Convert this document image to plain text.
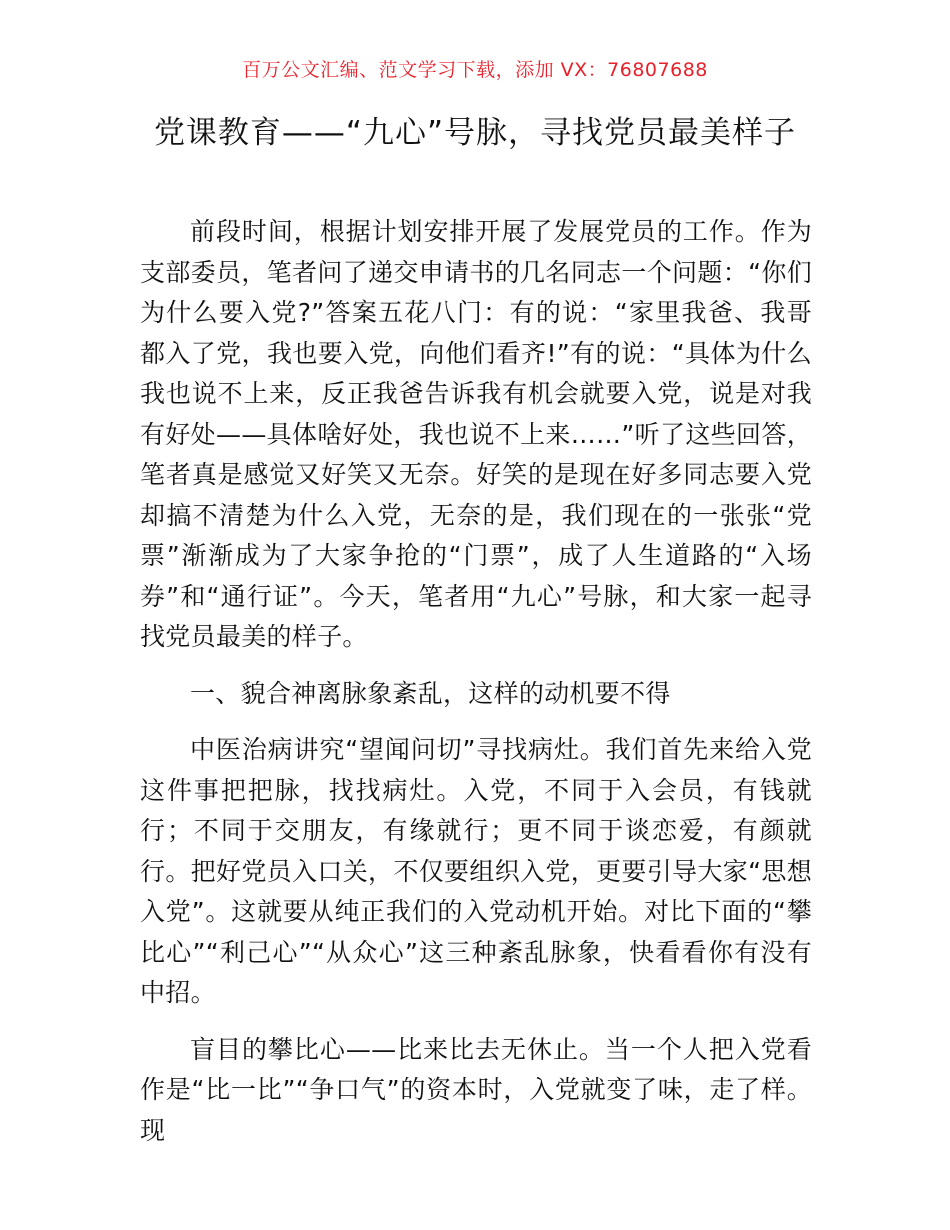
百万公文汇编、范文学习下载，添加 VX：76807688
党课教育——“九心”号脉，寻找党员最美样子

前段时间，根据计划安排开展了发展党员的工作。作为支部委员，笔者问了递交申请书的几名同志一个问题：“你们为什么要入党?”答案五花八门：有的说：“家里我爸、我哥都入了党，我也要入党，向他们看齐!”有的说：“具体为什么我也说不上来，反正我爸告诉我有机会就要入党，说是对我有好处——具体啥好处，我也说不上来……”听了这些回答，笔者真是感觉又好笑又无奈。好笑的是现在好多同志要入党却搞不清楚为什么入党，无奈的是，我们现在的一张张“党票”渐渐成为了大家争抢的“门票”，成了人生道路的“入场券”和“通行证”。今天，笔者用“九心”号脉，和大家一起寻找党员最美的样子。

一、貌合神离脉象紊乱，这样的动机要不得

中医治病讲究“望闻问切”寻找病灶。我们首先来给入党这件事把把脉，找找病灶。入党，不同于入会员，有钱就行；不同于交朋友，有缘就行；更不同于谈恋爱，有颜就行。把好党员入口关，不仅要组织入党，更要引导大家“思想入党”。这就要从纯正我们的入党动机开始。对比下面的“攀比心”“利己心”“从众心”这三种紊乱脉象，快看看你有没有中招。

盲目的攀比心——比来比去无休止。当一个人把入党看作是“比一比”“争口气”的资本时，入党就变了味，走了样。现
